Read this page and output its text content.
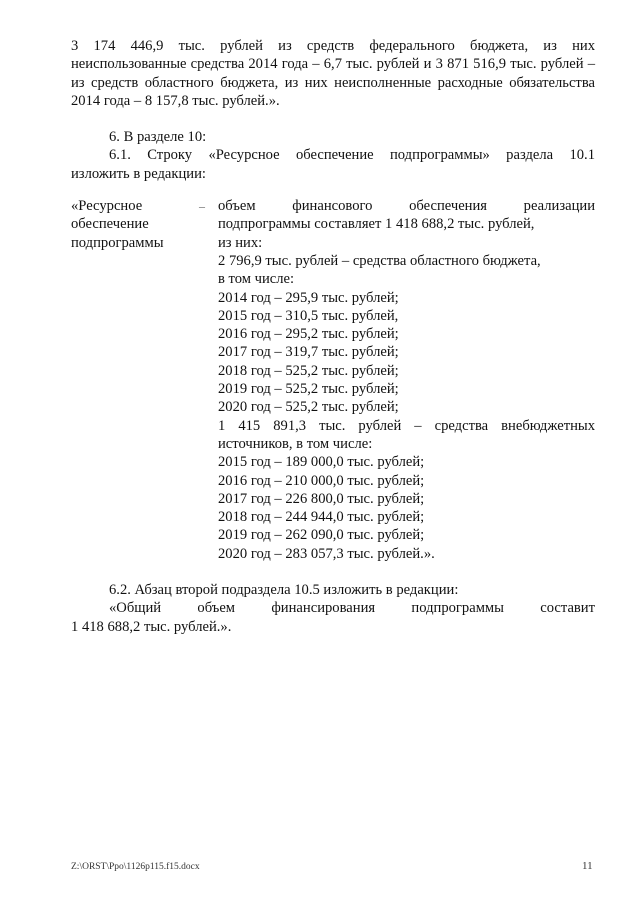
3 174 446,9 тыс. рублей из средств федерального бюджета, из них
неиспользованные средства 2014 года – 6,7 тыс. рублей и 3 871 516,9 тыс. рублей –
из средств областного бюджета, из них неисполненные расходные обязательства
2014 года – 8 157,8 тыс. рублей.».
6. В разделе 10:
6.1. Строку «Ресурсное обеспечение подпрограммы» раздела 10.1
изложить в редакции:
«Ресурсное
обеспечение
подпрограммы
– объем финансового обеспечения реализации
подпрограммы составляет 1 418 688,2 тыс. рублей,
из них:
2 796,9 тыс. рублей – средства областного бюджета,
в том числе:
2014 год – 295,9 тыс. рублей;
2015 год – 310,5 тыс. рублей,
2016 год – 295,2 тыс. рублей;
2017 год – 319,7 тыс. рублей;
2018 год – 525,2 тыс. рублей;
2019 год – 525,2 тыс. рублей;
2020 год – 525,2 тыс. рублей;
1 415 891,3 тыс. рублей – средства внебюджетных
источников, в том числе:
2015 год – 189 000,0 тыс. рублей;
2016 год – 210 000,0 тыс. рублей;
2017 год – 226 800,0 тыс. рублей;
2018 год – 244 944,0 тыс. рублей;
2019 год – 262 090,0 тыс. рублей;
2020 год – 283 057,3 тыс. рублей.».
6.2. Абзац второй подраздела 10.5 изложить в редакции:
«Общий объем финансирования подпрограммы составит
1 418 688,2 тыс. рублей.».
Z:\ORST\Ppo\1126p115.f15.docx	11
